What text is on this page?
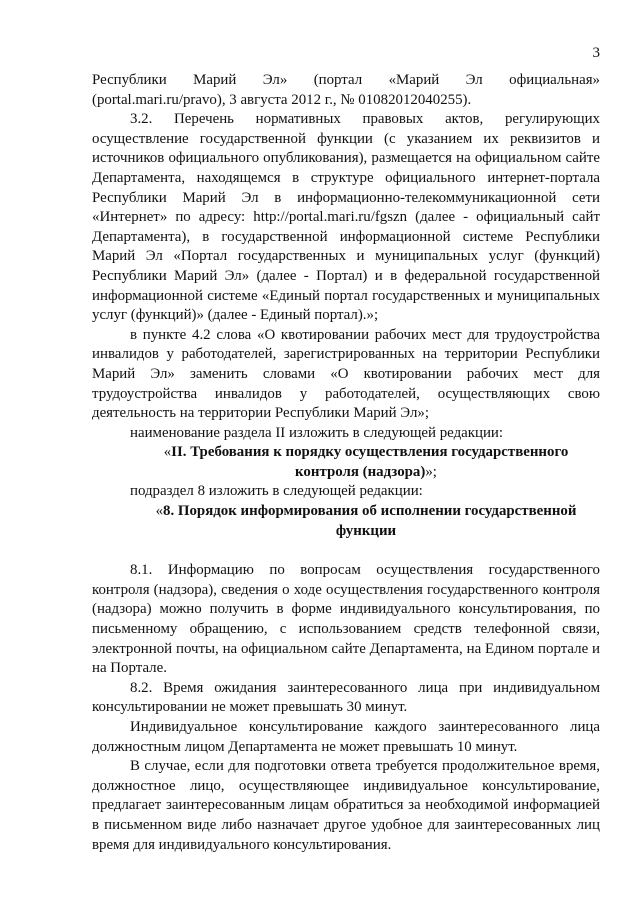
3

Республики Марий Эл» (портал «Марий Эл официальная» (portal.mari.ru/pravo), 3 августа 2012 г., № 01082012040255).

3.2. Перечень нормативных правовых актов, регулирующих осуществление государственной функции (с указанием их реквизитов и источников официального опубликования), размещается на официальном сайте Департамента, находящемся в структуре официального интернет-портала Республики Марий Эл в информационно-телекоммуникационной сети «Интернет» по адресу: http://portal.mari.ru/fgszn (далее - официальный сайт Департамента), в государственной информационной системе Республики Марий Эл «Портал государственных и муниципальных услуг (функций) Республики Марий Эл» (далее - Портал) и в федеральной государственной информационной системе «Единый портал государственных и муниципальных услуг (функций)» (далее - Единый портал).»;

в пункте 4.2 слова «О квотировании рабочих мест для трудоустройства инвалидов у работодателей, зарегистрированных на территории Республики Марий Эл» заменить словами «О квотировании рабочих мест для трудоустройства инвалидов у работодателей, осуществляющих свою деятельность на территории Республики Марий Эл»;

наименование раздела II изложить в следующей редакции:

«II. Требования к порядку осуществления государственного контроля (надзора)»;

подраздел 8 изложить в следующей редакции:

«8. Порядок информирования об исполнении государственной функции

8.1. Информацию по вопросам осуществления государственного контроля (надзора), сведения о ходе осуществления государственного контроля (надзора) можно получить в форме индивидуального консультирования, по письменному обращению, с использованием средств телефонной связи, электронной почты, на официальном сайте Департамента, на Едином портале и на Портале.

8.2. Время ожидания заинтересованного лица при индивидуальном консультировании не может превышать 30 минут.

Индивидуальное консультирование каждого заинтересованного лица должностным лицом Департамента не может превышать 10 минут.

В случае, если для подготовки ответа требуется продолжительное время, должностное лицо, осуществляющее индивидуальное консультирование, предлагает заинтересованным лицам обратиться за необходимой информацией в письменном виде либо назначает другое удобное для заинтересованных лиц время для индивидуального консультирования.
